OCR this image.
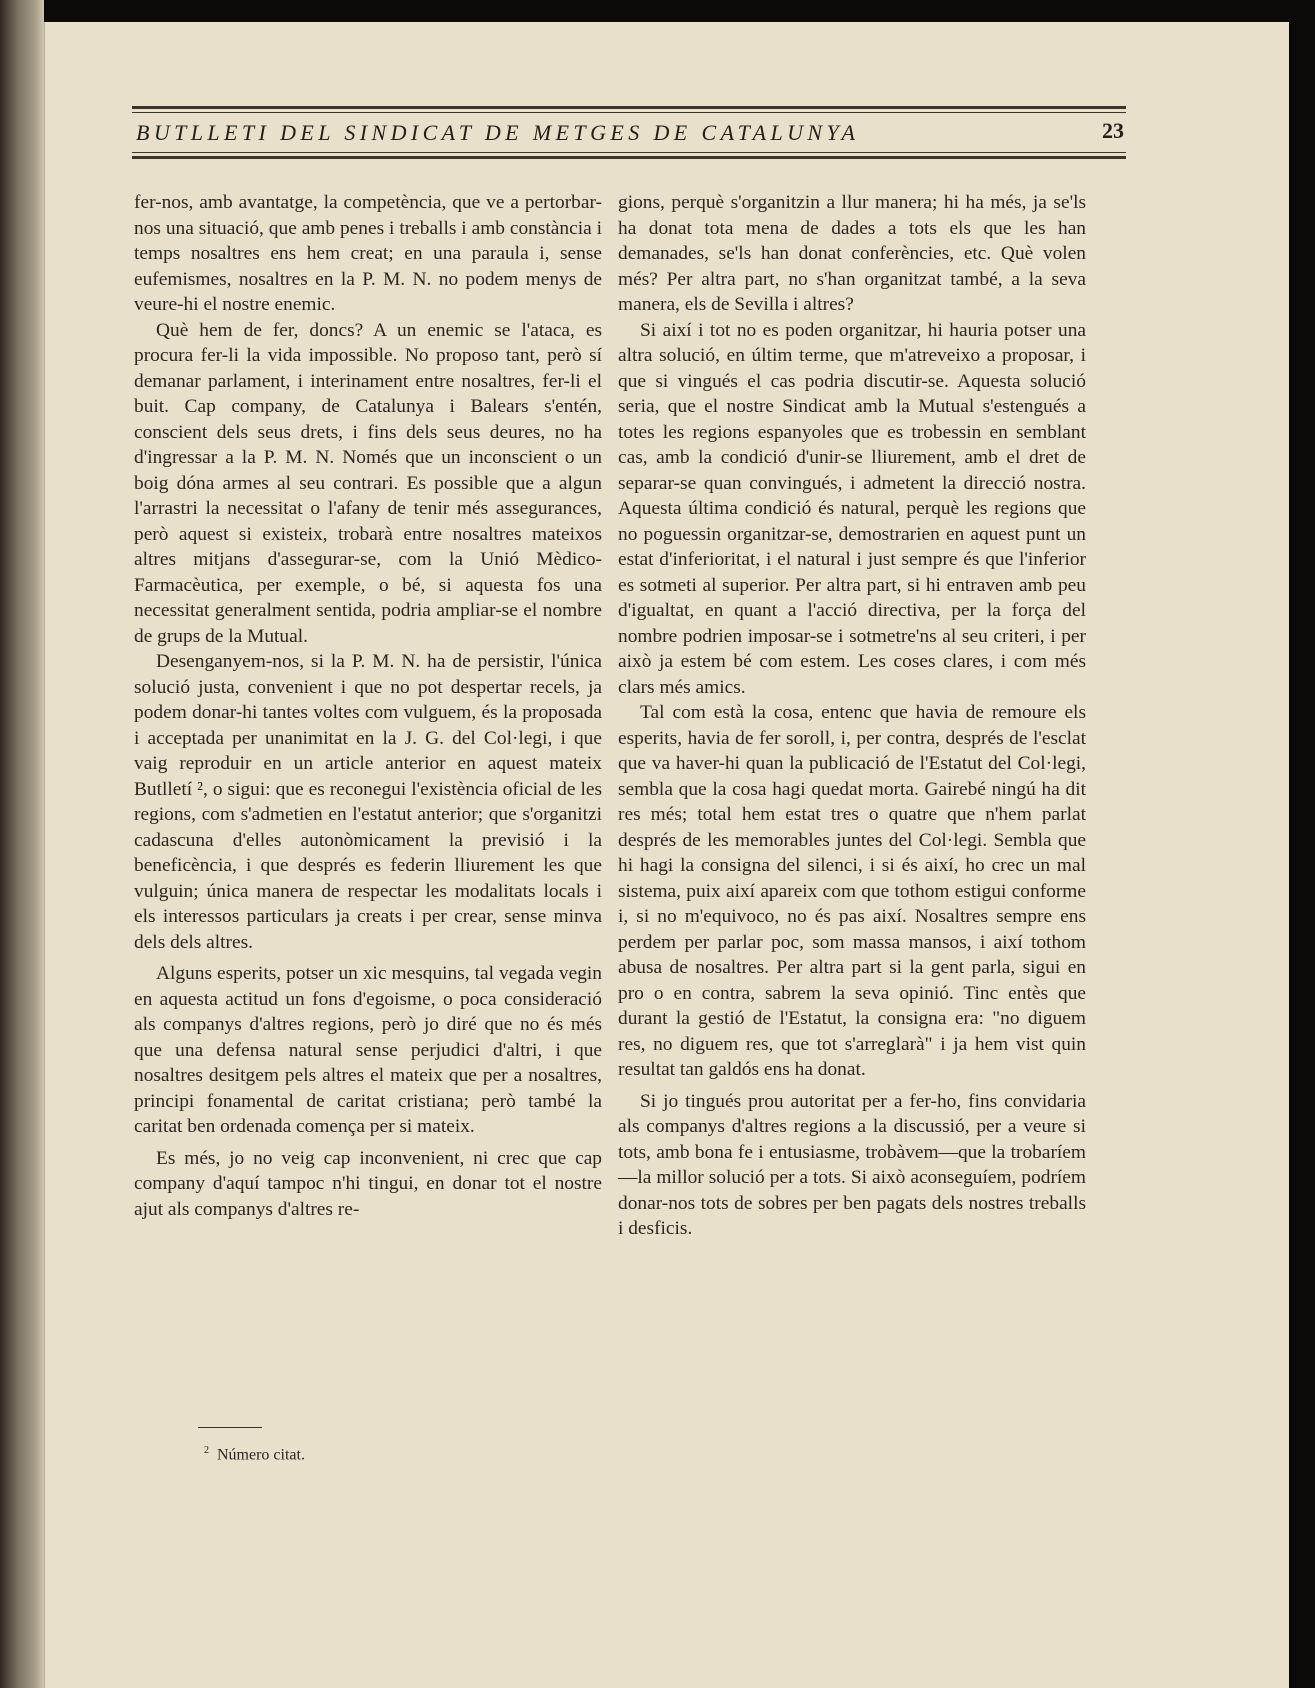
BUTLLETI DEL SINDICAT DE METGES DE CATALUNYA	23

fer-nos, amb avantatge, la competència, que ve a pertorbar-nos una situació, que amb penes i treballs i amb constància i temps nosaltres ens hem creat; en una paraula i, sense eufemismes, nosaltres en la P. M. N. no podem menys de veure-hi el nostre enemic.

Què hem de fer, doncs? A un enemic se l'ataca, es procura fer-li la vida impossible. No proposo tant, però sí demanar parlament, i interinament entre nosaltres, fer-li el buit. Cap company, de Catalunya i Balears s'entén, conscient dels seus drets, i fins dels seus deures, no ha d'ingressar a la P. M. N. Només que un inconscient o un boig dóna armes al seu contrari. Es possible que a algun l'arrastri la necessitat o l'afany de tenir més assegurances, però aquest si existeix, trobarà entre nosaltres mateixos altres mitjans d'assegurar-se, com la Unió Mèdico-Farmacèutica, per exemple, o bé, si aquesta fos una necessitat generalment sentida, podria ampliar-se el nombre de grups de la Mutual.

Desenganyem-nos, si la P. M. N. ha de persistir, l'única solució justa, convenient i que no pot despertar recels, ja podem donar-hi tantes voltes com vulguem, és la proposada i acceptada per unanimitat en la J. G. del Col·legi, i que vaig reproduir en un article anterior en aquest mateix Butlletí ², o sigui: que es reconegui l'existència oficial de les regions, com s'admetien en l'estatut anterior; que s'organitzi cadascuna d'elles autonòmicament la previsió i la beneficència, i que després es federin lliurement les que vulguin; única manera de respectar les modalitats locals i els interessos particulars ja creats i per crear, sense minva dels dels altres.

Alguns esperits, potser un xic mesquins, tal vegada vegin en aquesta actitud un fons d'egoisme, o poca consideració als companys d'altres regions, però jo diré que no és més que una defensa natural sense perjudici d'altri, i que nosaltres desitgem pels altres el mateix que per a nosaltres, principi fonamental de caritat cristiana; però també la caritat ben ordenada comença per si mateix.

Es més, jo no veig cap inconvenient, ni crec que cap company d'aquí tampoc n'hi tingui, en donar tot el nostre ajut als companys d'altres re-

gions, perquè s'organitzin a llur manera; hi ha més, ja se'ls ha donat tota mena de dades a tots els que les han demanades, se'ls han donat conferències, etc. Què volen més? Per altra part, no s'han organitzat també, a la seva manera, els de Sevilla i altres?

Si així i tot no es poden organitzar, hi hauria potser una altra solució, en últim terme, que m'atreveixo a proposar, i que si vingués el cas podria discutir-se. Aquesta solució seria, que el nostre Sindicat amb la Mutual s'estengués a totes les regions espanyoles que es trobessin en semblant cas, amb la condició d'unir-se lliurement, amb el dret de separar-se quan convingués, i admetent la direcció nostra. Aquesta última condició és natural, perquè les regions que no poguessin organitzar-se, demostrarien en aquest punt un estat d'inferioritat, i el natural i just sempre és que l'inferior es sotmeti al superior. Per altra part, si hi entraven amb peu d'igualtat, en quant a l'acció directiva, per la força del nombre podrien imposar-se i sotmetre'ns al seu criteri, i per això ja estem bé com estem. Les coses clares, i com més clars més amics.

Tal com està la cosa, entenc que havia de remoure els esperits, havia de fer soroll, i, per contra, després de l'esclat que va haver-hi quan la publicació de l'Estatut del Col·legi, sembla que la cosa hagi quedat morta. Gairebé ningú ha dit res més; total hem estat tres o quatre que n'hem parlat després de les memorables juntes del Col·legi. Sembla que hi hagi la consigna del silenci, i si és així, ho crec un mal sistema, puix així apareix com que tothom estigui conforme i, si no m'equivoco, no és pas així. Nosaltres sempre ens perdem per parlar poc, som massa mansos, i així tothom abusa de nosaltres. Per altra part si la gent parla, sigui en pro o en contra, sabrem la seva opinió. Tinc entès que durant la gestió de l'Estatut, la consigna era: "no diguem res, no diguem res, que tot s'arreglarà" i ja hem vist quin resultat tan galdós ens ha donat.

Si jo tingués prou autoritat per a fer-ho, fins convidaria als companys d'altres regions a la discussió, per a veure si tots, amb bona fe i entusiasme, trobàvem—que la trobaríem—la millor solució per a tots. Si això aconseguíem, podríem donar-nos tots de sobres per ben pagats dels nostres treballs i desficis.

$^2$ Número citat.
